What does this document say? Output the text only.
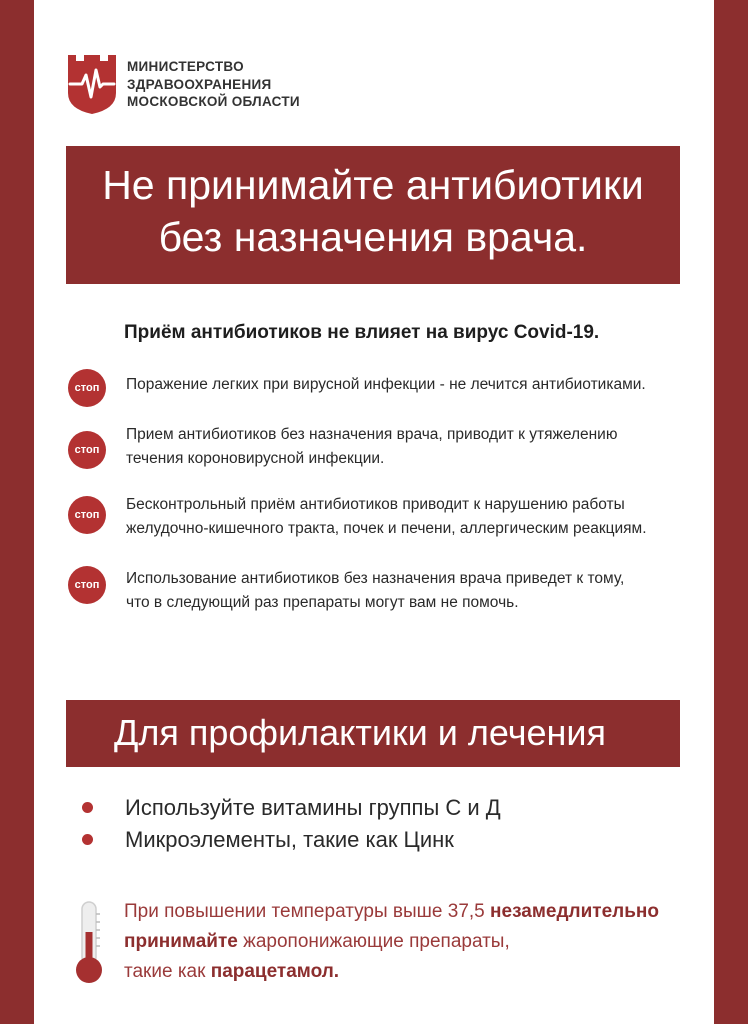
МИНИСТЕРСТВО
ЗДРАВООХРАНЕНИЯ
МОСКОВСКОЙ ОБЛАСТИ
Не принимайте антибиотики
без назначения врача.
Приём антибиотиков не влияет на вирус Covid-19.
стоп	Поражение легких при вирусной инфекции - не лечится антибиотиками.
стоп
Прием антибиотиков без назначения врача, приводит к утяжелению
течения короновирусной инфекции.
стоп
Бесконтрольный приём антибиотиков приводит к нарушению работы
желудочно-кишечного тракта, почек и печени, аллергическим реакциям.
стоп	Использование антибиотиков без назначения врача приведет к тому,
что в следующий раз препараты могут вам не помочь.
Для профилактики и лечения
Используйте витамины группы С и Д
Микроэлементы, такие как Цинк
При повышении температуры выше 37,5 незамедлительно
принимайте жаропонижающие препараты,
такие как парацетамол.
